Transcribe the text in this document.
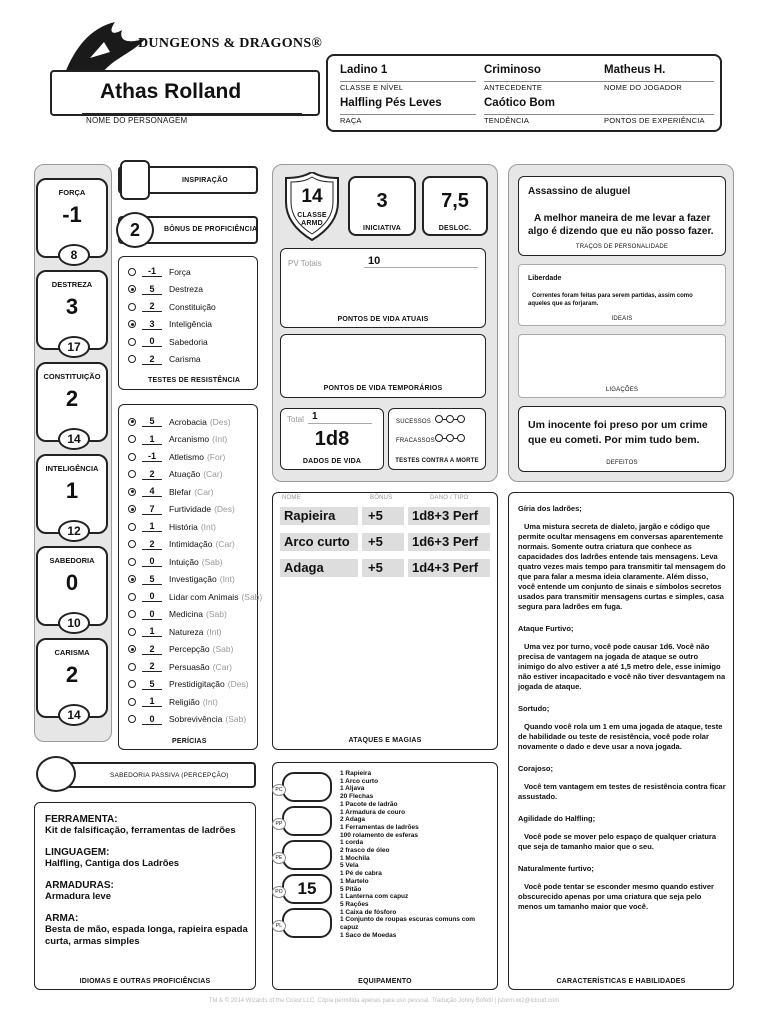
DUNGEONS & DRAGONS®
Athas Rolland
NOME DO PERSONAGEM
INSPIRAÇÃO
2	BÔNUS DE PROFICIÊNCIA
TESTES DE RESISTÊNCIA
PERÍCIAS
14
CLASSE ARMD
3
INICIATIVA
7,5
DESLOC.
PV Totais	10
PONTOS DE VIDA ATUAIS
PONTOS DE VIDA TEMPORÁRIOS
Total 1
1d8
DADOS DE VIDA
SUCESSOS
FRACASSOS
TESTES CONTRA A MORTE
Assassino de aluguel
A melhor maneira de me levar a fazer algo é dizendo que eu não posso fazer.
TRAÇOS DE PERSONALIDADE
Liberdade
Correntes foram feitas para serem partidas, assim como aqueles que as forjaram.
IDEAIS
LIGAÇÕES
Um inocente foi preso por um crime que eu cometi. Por mim tudo bem.
DEFEITOS
NOME	BÔNUS	DANO / TIPO
ATAQUES E MAGIAS
Gíria dos ladrões;
Uma mistura secreta de dialeto, jargão e código que permite ocultar mensagens em conversas aparentemente normais. Somente outra criatura que conhece as capacidades dos ladrões entende tais mensagens. Leva quatro vezes mais tempo para transmitir tal mensagem do que para falar a mesma ideia claramente. Além disso, você entende um conjunto de sinais e símbolos secretos usados para transmitir mensagens curtas e simples, casa segura para ladrões em fuga.
Ataque Furtivo;
Uma vez por turno, você pode causar 1d6. Você não precisa de vantagem na jogada de ataque se outro inimigo do alvo estiver a até 1,5 metro dele, esse inimigo não estiver incapacitado e você não tiver desvantagem na jogada de ataque.
Sortudo;
Quando você rola um 1 em uma jogada de ataque, teste de habilidade ou teste de resistência, você pode rolar novamente o dado e deve usar a nova jogada.
Corajoso;
Você tem vantagem em testes de resistência contra ficar assustado.
Agilidade do Halfling;
Você pode se mover pelo espaço de qualquer criatura que seja de tamanho maior que o seu.
Naturalmente furtivo;
Você pode tentar se esconder mesmo quando estiver obscurecido apenas por uma criatura que seja pelo menos um tamanho maior que você.
CARACTERÍSTICAS E HABILIDADES
SABEDORIA PASSIVA (PERCEPÇÃO)
FERRAMENTA:
Kit de falsificação, ferramentas de ladrões
LINGUAGEM:
Halfling, Cantiga dos Ladrões
ARMADURAS:
Armadura leve
ARMA:
Besta de mão, espada longa, rapieira espada curta, armas simples
IDIOMAS E OUTRAS PROFICIÊNCIAS
1 Rapieira
1 Arco curto
1 Aljava
20 Flechas
1 Pacote de ladrão
1 Armadura de couro
2 Adaga
1 Ferramentas de ladrões
100 rolamento de esferas
1 corda
2 frasco de óleo
1 Mochila
5 Vela
1 Pé de cabra
1 Martelo
5 Pitão
1 Lanterna com capuz
5 Rações
1 Caixa de fósforo
1 Conjunto de roupas escuras comuns com capuz
1 Saco de Moedas
EQUIPAMENTO
TM & © 2014 Wizards of the Coast LLC. Cópia permitida apenas para uso pessoal. Tradução Johny Bofetti | jstorm.wiz@icloud.com
Ladino 1
CLASSE E NÍVEL
Criminoso
ANTECEDENTE
Matheus H.
NOME DO JOGADOR
Halfling Pés Leves
RAÇA
Caótico Bom
TENDÊNCIA	PONTOS DE EXPERIÊNCIA
FORÇA
-1
8
DESTREZA
3
17
CONSTITUIÇÃO
2
14
INTELIGÊNCIA
1
12
SABEDORIA
0
10
CARISMA
2
14
-1	Força
5	Destreza
2	Constituição
3	Inteligência
0	Sabedoria
2	Carisma
5	Acrobacia (Des)
1	Arcanismo (Int)
-1	Atletismo (For)
2	Atuação (Car)
4	Blefar (Car)
7	Furtividade (Des)
1	História (Int)
2	Intimidação (Car)
0	Intuição (Sab)
5	Investigação (Int)
0	Lidar com Animais (Sab)
0	Medicina (Sab)
1	Natureza (Int)
2	Percepção (Sab)
2	Persuasão (Car)
5	Prestidigitação (Des)
1	Religião (Int)
0	Sobrevivência (Sab)
Rapieira	+5	1d8+3 Perf
Arco curto	+5	1d6+3 Perf
Adaga	+5	1d4+3 Perf
PC
PP
PE
PO 15
PL
